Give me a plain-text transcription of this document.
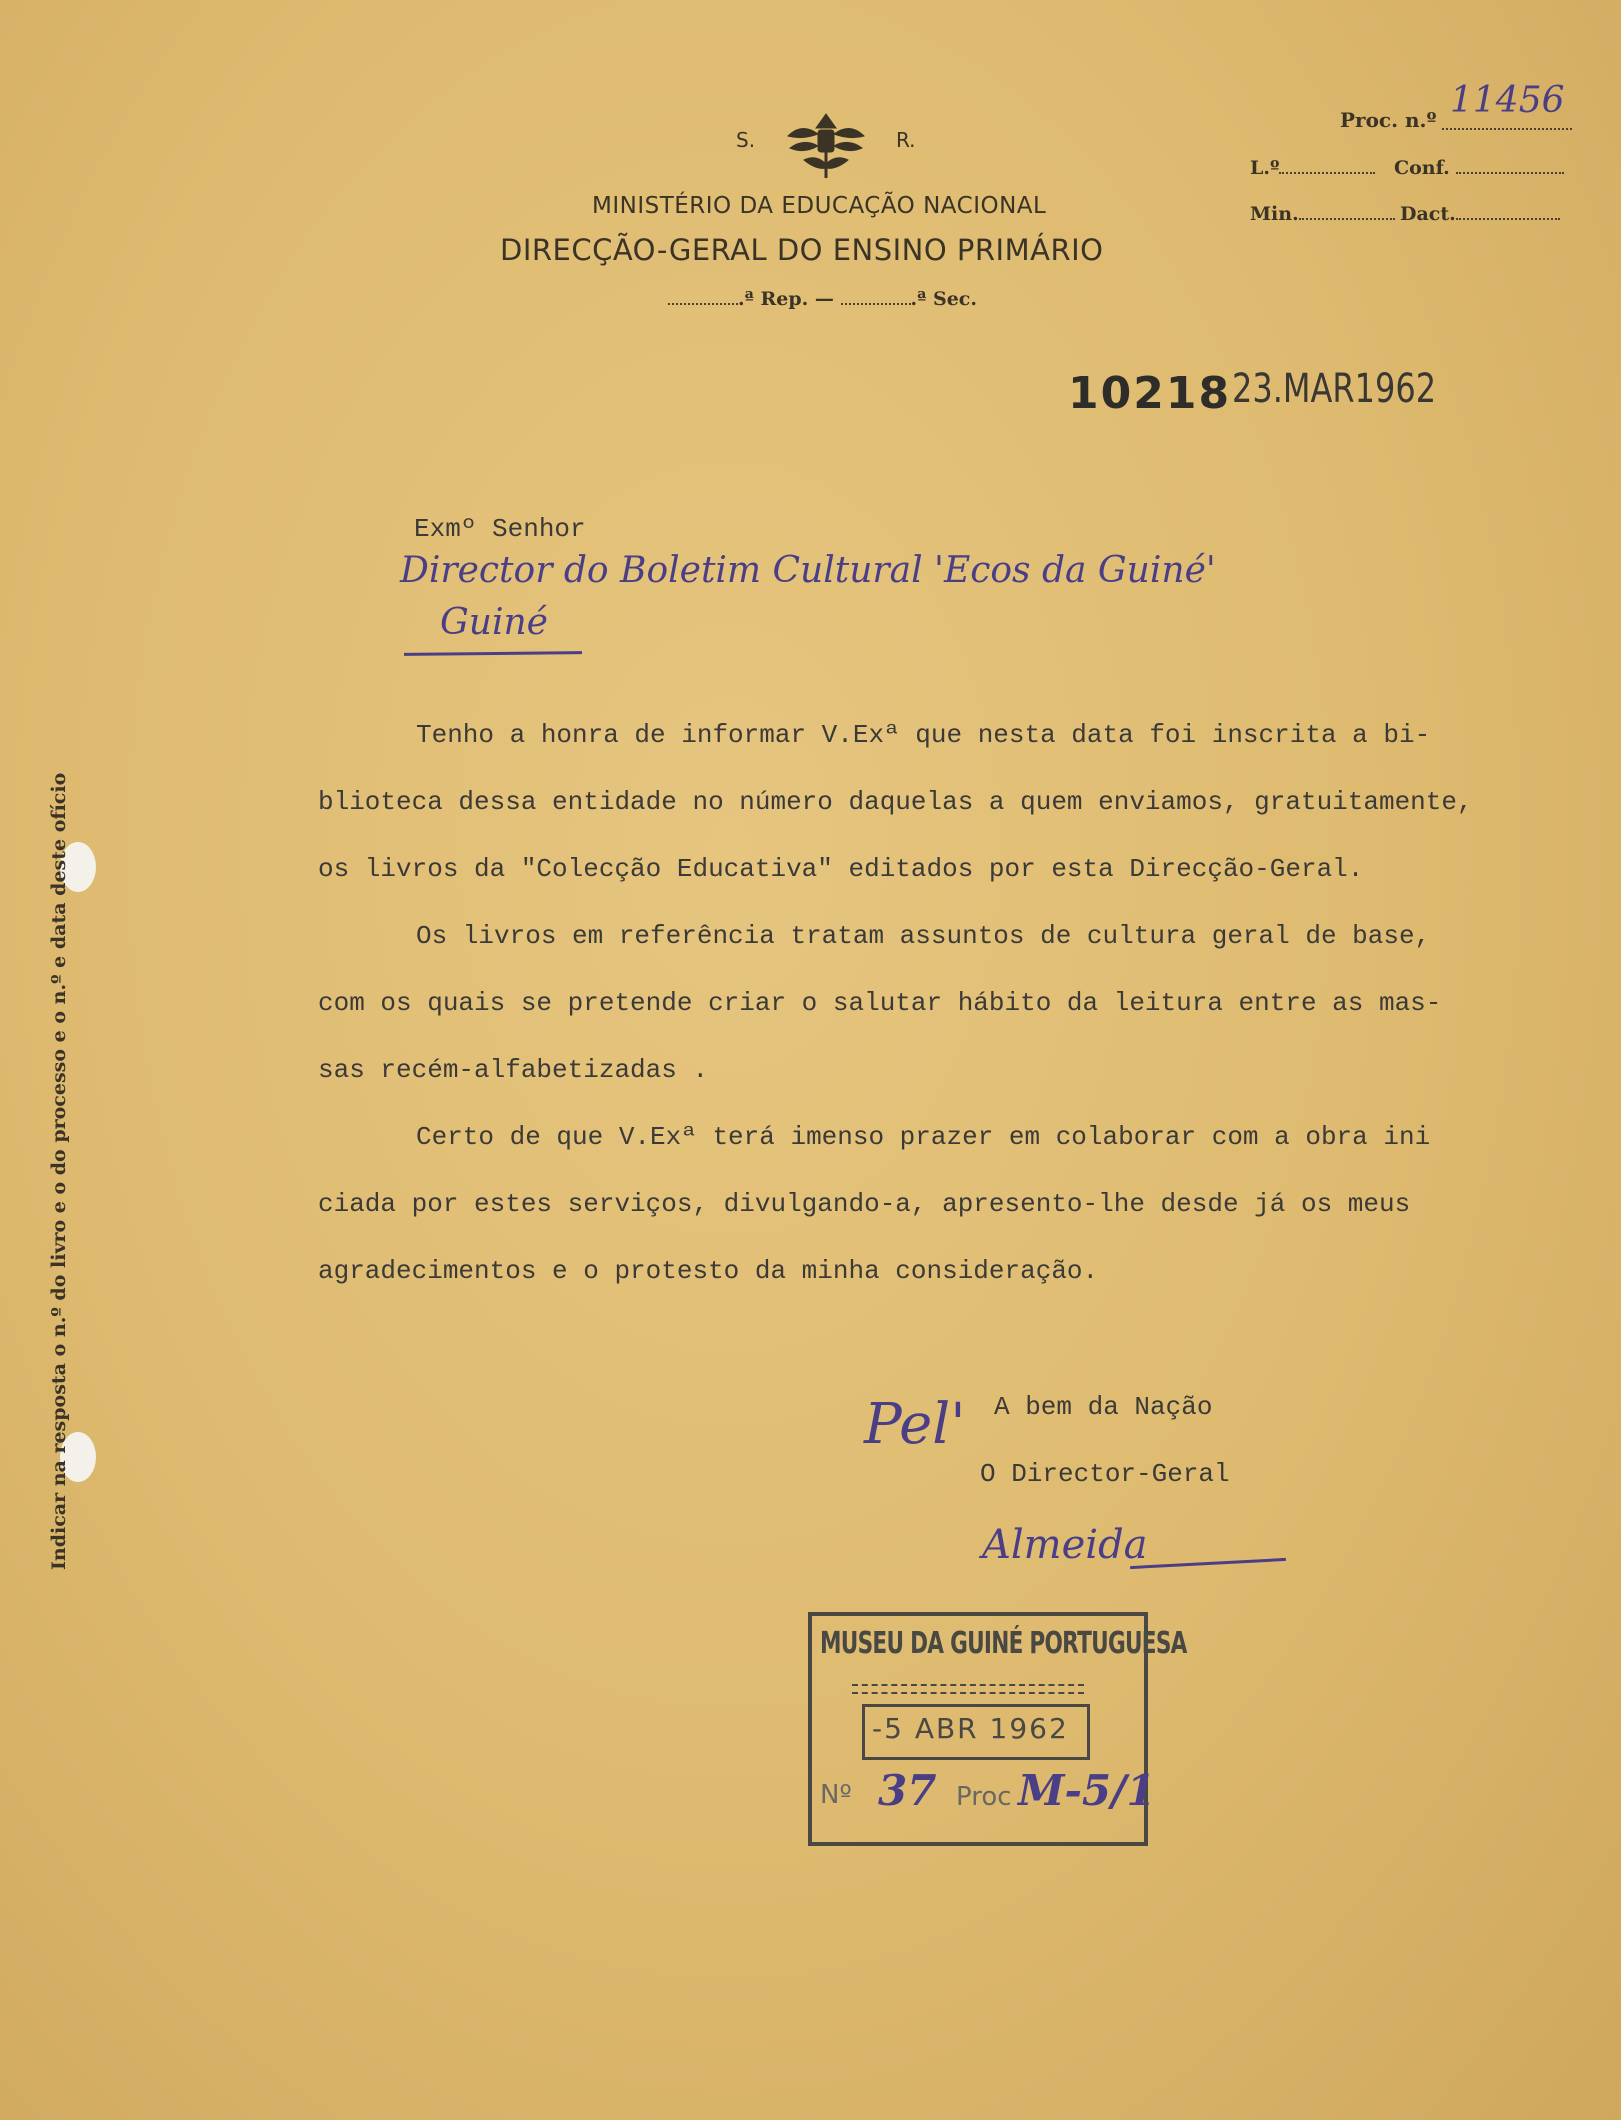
Indicar na resposta o n.º do livro e o do processo e o n.º e data deste ofício
S.	R.
MINISTÉRIO DA EDUCAÇÃO NACIONAL
DIRECÇÃO-GERAL DO ENSINO PRIMÁRIO
.ª Rep. —	.ª Sec.
Proc. n.º 11456
L.º	Conf.
Min.	Dact.
10218 23.MAR1962
Exmº Senhor
Director do Boletim Cultural 'Ecos da Guiné'
Guiné
Tenho a honra de informar V.Exª que nesta data foi inscrita a bi-
blioteca dessa entidade no número daquelas a quem enviamos, gratuitamente,
os livros da "Colecção Educativa" editados por esta Direcção-Geral.
Os livros em referência tratam assuntos de cultura geral de base,
com os quais se pretende criar o salutar hábito da leitura entre as mas-
sas recém-alfabetizadas .
Certo de que V.Exª terá imenso prazer em colaborar com a obra ini
ciada por estes serviços, divulgando-a, apresento-lhe desde já os meus
agradecimentos e o protesto da minha consideração.
A bem da Nação
O Director-Geral
Pel'
Almeida
MUSEU DA GUINÉ PORTUGUESA
-5 ABR 1962
Nº 37 Proc M-5/1
